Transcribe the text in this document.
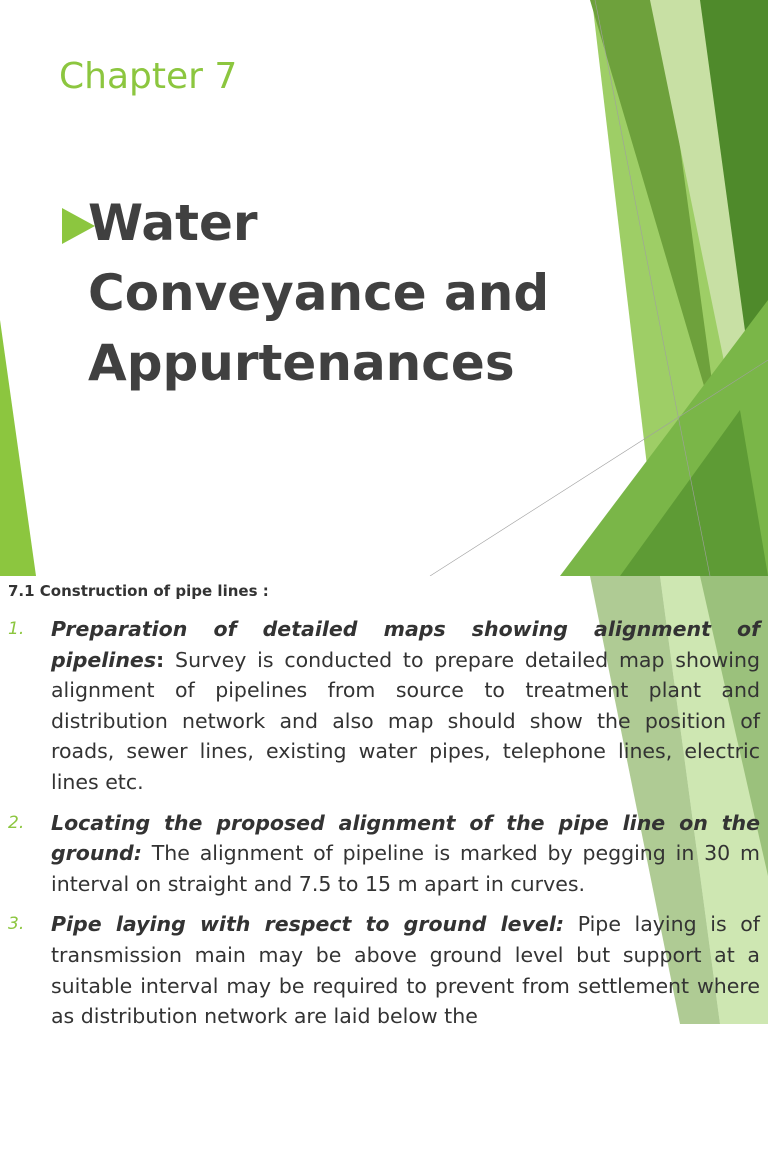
Chapter 7
Water
Conveyance and
Appurtenances
7.1 Construction of pipe lines :
1. Preparation of detailed maps showing alignment of pipelines: Survey is conducted to prepare detailed map showing alignment of pipelines from source to treatment plant and distribution network and also map should show the position of roads, sewer lines, existing water pipes, telephone lines, electric lines etc.
2. Locating the proposed alignment of the pipe line on the ground: The alignment of pipeline is marked by pegging in 30 m interval on straight and 7.5 to 15 m apart in curves.
3. Pipe laying with respect to ground level: Pipe laying is of transmission main may be above ground level but support at a suitable interval may be required to prevent from settlement where as distribution network are laid below the
